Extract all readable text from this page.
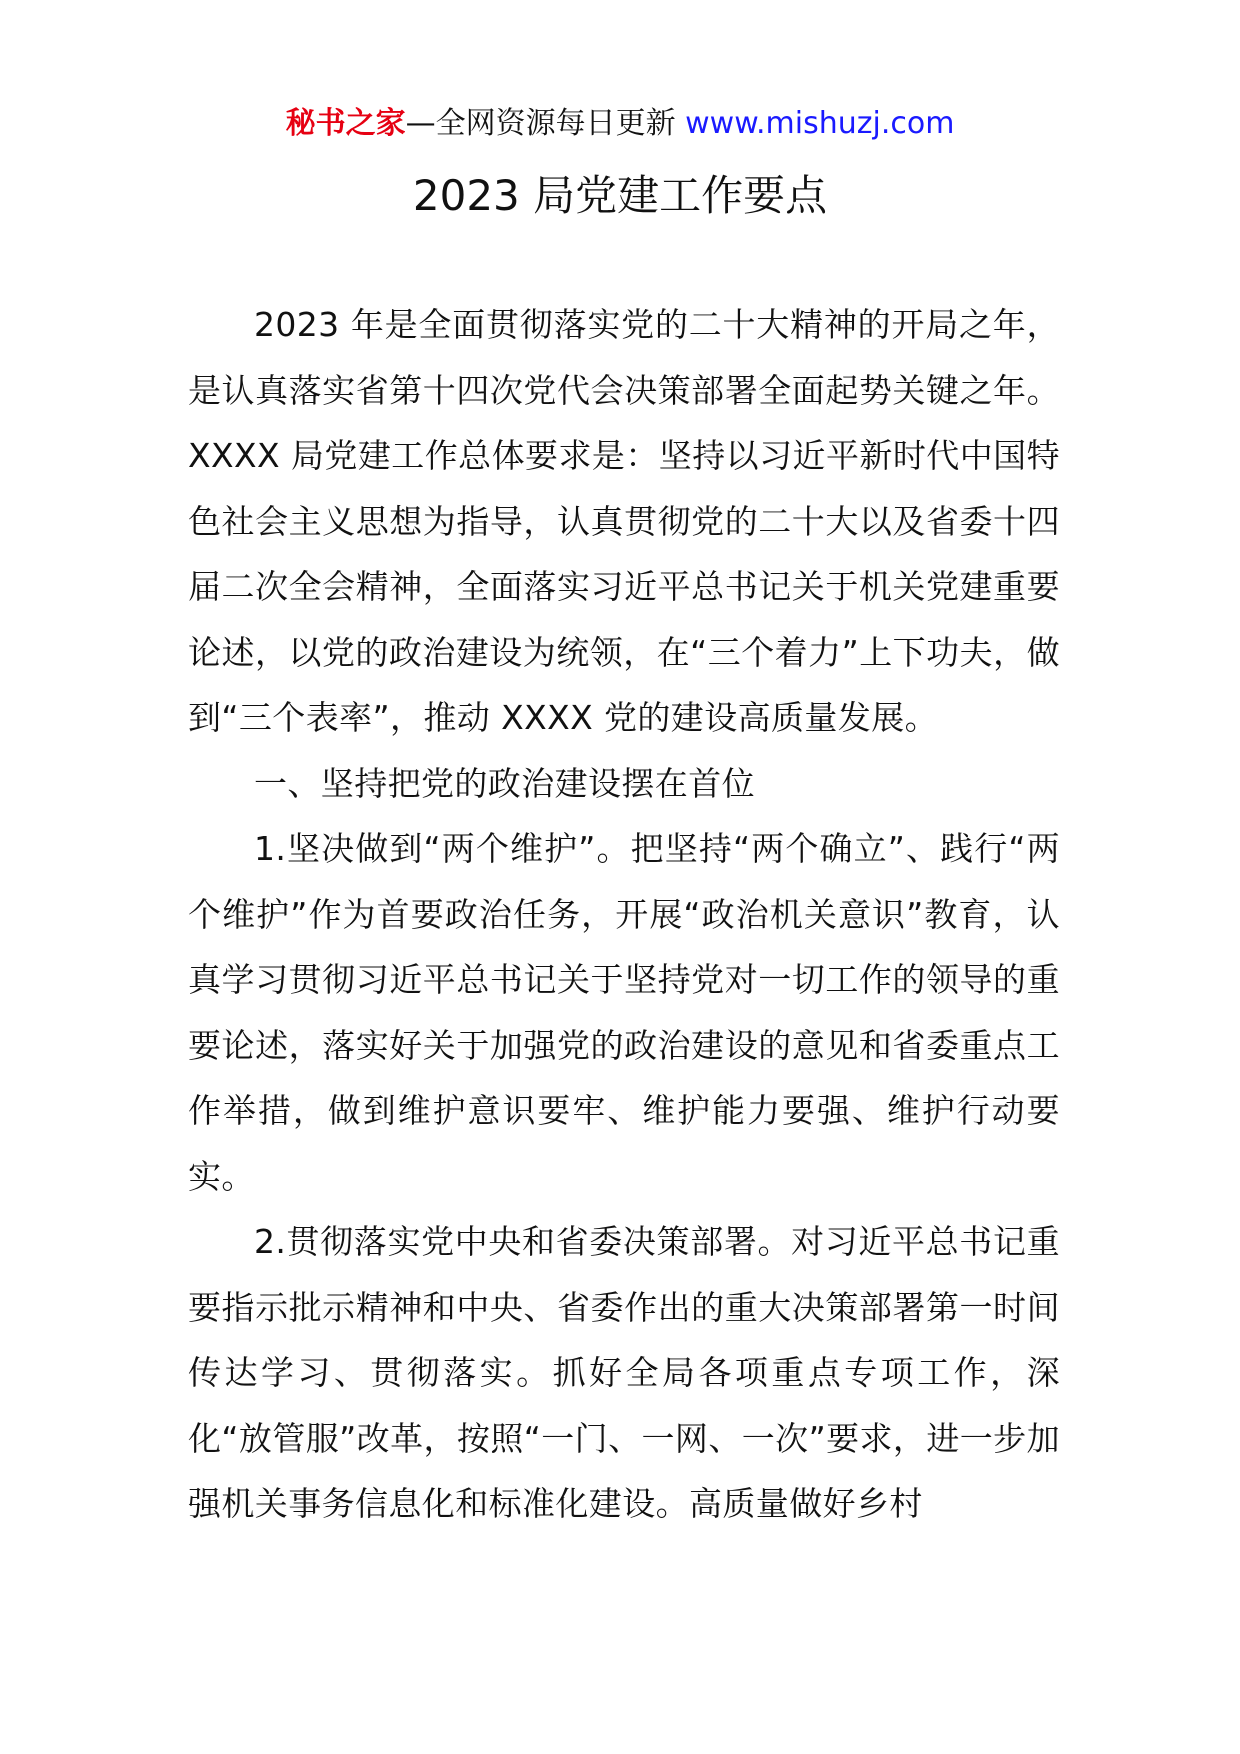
秘书之家—全网资源每日更新 www.mishuzj.com
2023 局党建工作要点

2023 年是全面贯彻落实党的二十大精神的开局之年，是认真落实省第十四次党代会决策部署全面起势关键之年。XXXX 局党建工作总体要求是：坚持以习近平新时代中国特色社会主义思想为指导，认真贯彻党的二十大以及省委十四届二次全会精神，全面落实习近平总书记关于机关党建重要论述，以党的政治建设为统领，在“三个着力”上下功夫，做到“三个表率”，推动 XXXX 党的建设高质量发展。

一、坚持把党的政治建设摆在首位

1.坚决做到“两个维护”。把坚持“两个确立”、践行“两个维护”作为首要政治任务，开展“政治机关意识”教育，认真学习贯彻习近平总书记关于坚持党对一切工作的领导的重要论述，落实好关于加强党的政治建设的意见和省委重点工作举措，做到维护意识要牢、维护能力要强、维护行动要实。

2.贯彻落实党中央和省委决策部署。对习近平总书记重要指示批示精神和中央、省委作出的重大决策部署第一时间传达学习、贯彻落实。抓好全局各项重点专项工作，深化“放管服”改革，按照“一门、一网、一次”要求，进一步加强机关事务信息化和标准化建设。高质量做好乡村
